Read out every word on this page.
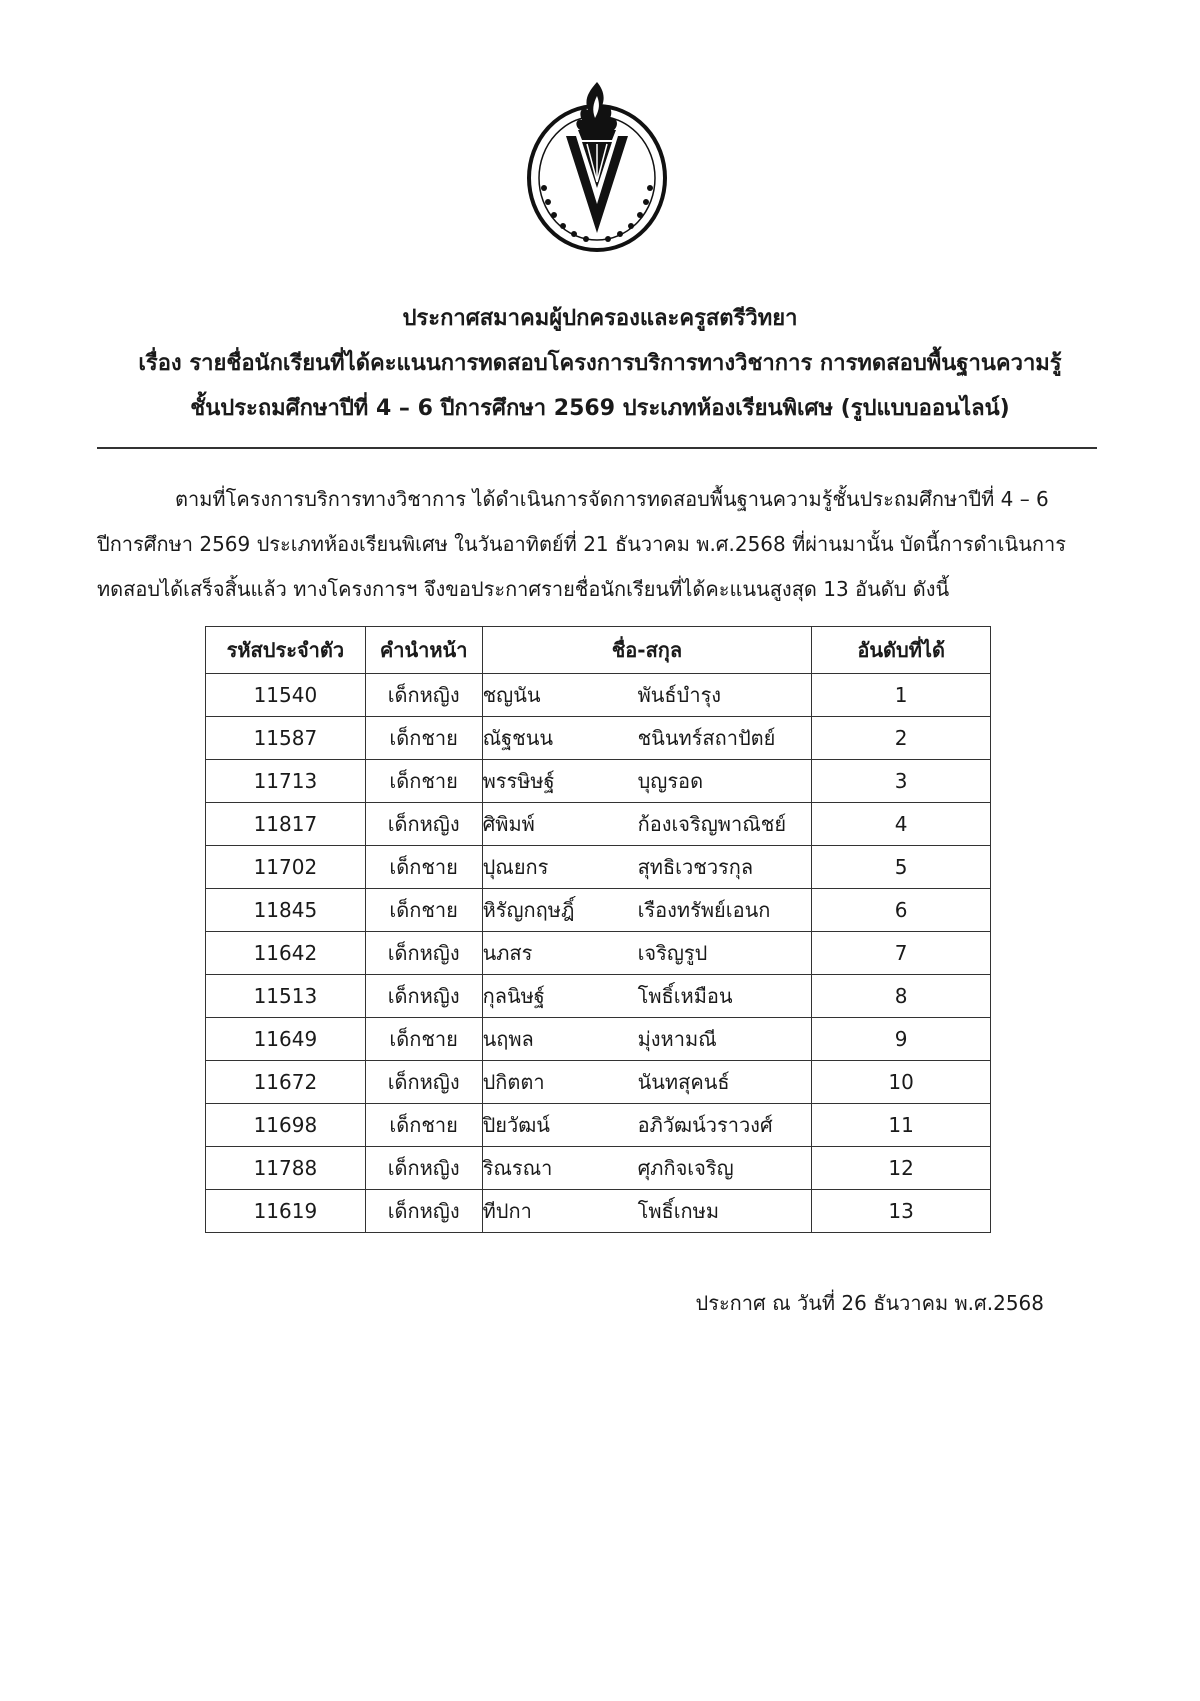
ประกาศสมาคมผู้ปกครองและครูสตรีวิทยา
เรื่อง รายชื่อนักเรียนที่ได้คะแนนการทดสอบโครงการบริการทางวิชาการ การทดสอบพื้นฐานความรู้
ชั้นประถมศึกษาปีที่ 4 – 6 ปีการศึกษา 2569 ประเภทห้องเรียนพิเศษ (รูปแบบออนไลน์)
ตามที่โครงการบริการทางวิชาการ ได้ดำเนินการจัดการทดสอบพื้นฐานความรู้ชั้นประถมศึกษาปีที่ 4 – 6
ปีการศึกษา 2569 ประเภทห้องเรียนพิเศษ ในวันอาทิตย์ที่ 21 ธันวาคม พ.ศ.2568 ที่ผ่านมานั้น บัดนี้การดำเนินการ
ทดสอบได้เสร็จสิ้นแล้ว ทางโครงการฯ จึงขอประกาศรายชื่อนักเรียนที่ได้คะแนนสูงสุด 13 อันดับ ดังนี้
รหัสประจำตัว	คำนำหน้า	ชื่อ-สกุล	อันดับที่ได้
11540	เด็กหญิง	ชญนัน พันธ์บำรุง	1
11587	เด็กชาย	ณัฐชนน ชนินทร์สถาปัตย์	2
11713	เด็กชาย	พรรษิษฐ์ บุญรอด	3
11817	เด็กหญิง	ศิพิมพ์ ก้องเจริญพาณิชย์	4
11702	เด็กชาย	ปุณยกร สุทธิเวชวรกุล	5
11845	เด็กชาย	หิรัญกฤษฎิ์ เรืองทรัพย์เอนก	6
11642	เด็กหญิง	นภสร เจริญรูป	7
11513	เด็กหญิง	กุลนิษฐ์ โพธิ์เหมือน	8
11649	เด็กชาย	นฤพล มุ่งหามณี	9
11672	เด็กหญิง	ปกิตตา นันทสุคนธ์	10
11698	เด็กชาย	ปิยวัฒน์ อภิวัฒน์วราวงศ์	11
11788	เด็กหญิง	ริณรณา ศุภกิจเจริญ	12
11619	เด็กหญิง	ทีปกา โพธิ์เกษม	13
ประกาศ ณ วันที่ 26 ธันวาคม พ.ศ.2568
